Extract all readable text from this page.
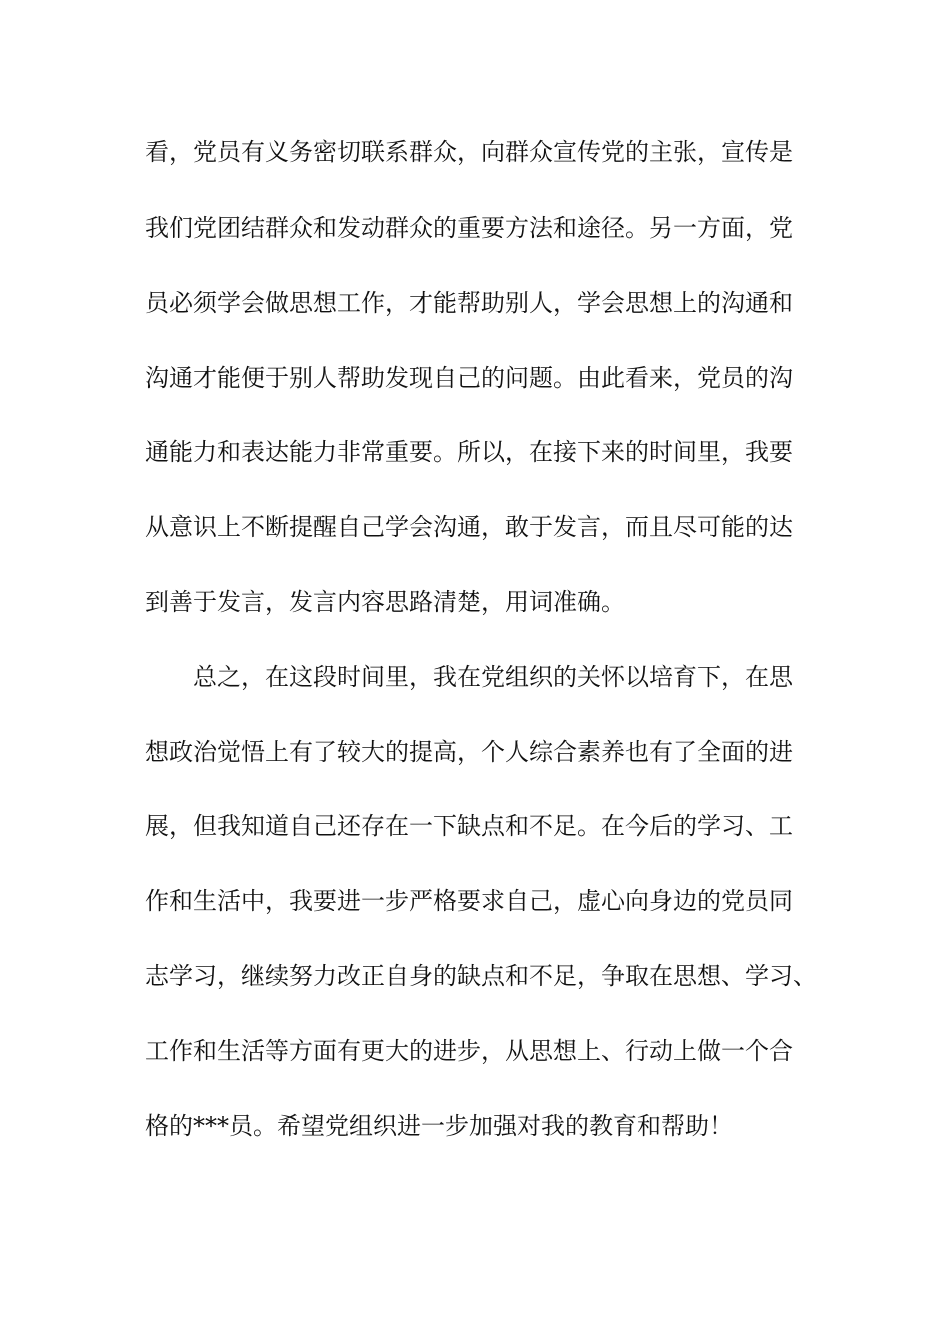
看，党员有义务密切联系群众，向群众宣传党的主张，宣传是
我们党团结群众和发动群众的重要方法和途径。另一方面，党
员必须学会做思想工作，才能帮助别人，学会思想上的沟通和
沟通才能便于别人帮助发现自己的问题。由此看来，党员的沟
通能力和表达能力非常重要。所以，在接下来的时间里，我要
从意识上不断提醒自己学会沟通，敢于发言，而且尽可能的达
到善于发言，发言内容思路清楚，用词准确。
总之，在这段时间里，我在党组织的关怀以培育下，在思
想政治觉悟上有了较大的提高，个人综合素养也有了全面的进
展，但我知道自己还存在一下缺点和不足。在今后的学习、工
作和生活中，我要进一步严格要求自己，虚心向身边的党员同
志学习，继续努力改正自身的缺点和不足，争取在思想、学习、
工作和生活等方面有更大的进步，从思想上、行动上做一个合
格的***员。希望党组织进一步加强对我的教育和帮助！
